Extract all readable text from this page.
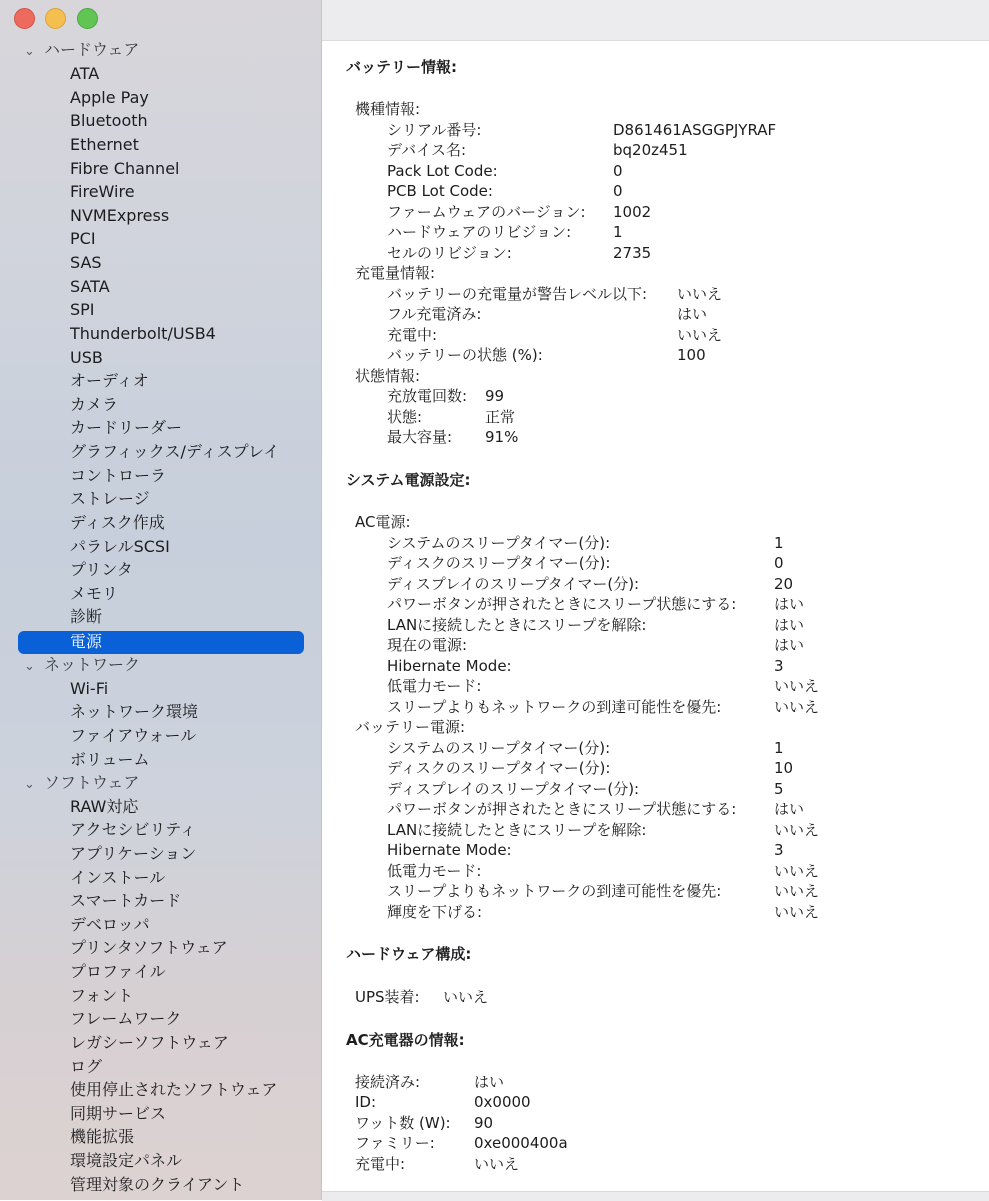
⌄ ハードウェア
ATA
Apple Pay
Bluetooth
Ethernet
Fibre Channel
FireWire
NVMExpress
PCI
SAS
SATA
SPI
Thunderbolt/USB4
USB
オーディオ
カメラ
カードリーダー
グラフィックス/ディスプレイ
コントローラ
ストレージ
ディスク作成
パラレルSCSI
プリンタ
メモリ
診断
電源
⌄ ネットワーク
Wi-Fi
ネットワーク環境
ファイアウォール
ボリューム
⌄ ソフトウェア
RAW対応
アクセシビリティ
アプリケーション
インストール
スマートカード
デベロッパ
プリンタソフトウェア
プロファイル
フォント
フレームワーク
レガシーソフトウェア
ログ
使用停止されたソフトウェア
同期サービス
機能拡張
環境設定パネル
管理対象のクライアント
バッテリー情報:
機種情報:
シリアル番号:	D861461ASGGPJYRAF
デバイス名:	bq20z451
Pack Lot Code:	0
PCB Lot Code:	0
ファームウェアのバージョン: 1002
ハードウェアのリビジョン:	1
セルのリビジョン:	2735
充電量情報:
バッテリーの充電量が警告レベル以下: いいえ
フル充電済み:	はい
充電中:	いいえ
バッテリーの状態 (%):	100
状態情報:
充放電回数: 99
状態:	正常
最大容量: 91%
システム電源設定:
AC電源:
システムのスリープタイマー(分):	1
ディスクのスリープタイマー(分):	0
ディスプレイのスリープタイマー(分):	20
パワーボタンが押されたときにスリープ状態にする:	はい
LANに接続したときにスリープを解除:	はい
現在の電源:	はい
Hibernate Mode:	3
低電力モード:	いいえ
スリープよりもネットワークの到達可能性を優先:	いいえ
バッテリー電源:
システムのスリープタイマー(分):	1
ディスクのスリープタイマー(分):	10
ディスプレイのスリープタイマー(分):	5
パワーボタンが押されたときにスリープ状態にする:	はい
LANに接続したときにスリープを解除:	いいえ
Hibernate Mode:	3
低電力モード:	いいえ
スリープよりもネットワークの到達可能性を優先:	いいえ
輝度を下げる:	いいえ
ハードウェア構成:
UPS装着: いいえ
AC充電器の情報:
接続済み:	はい
ID:	0x0000
ワット数 (W): 90
ファミリー:	0xe000400a
充電中:	いいえ
